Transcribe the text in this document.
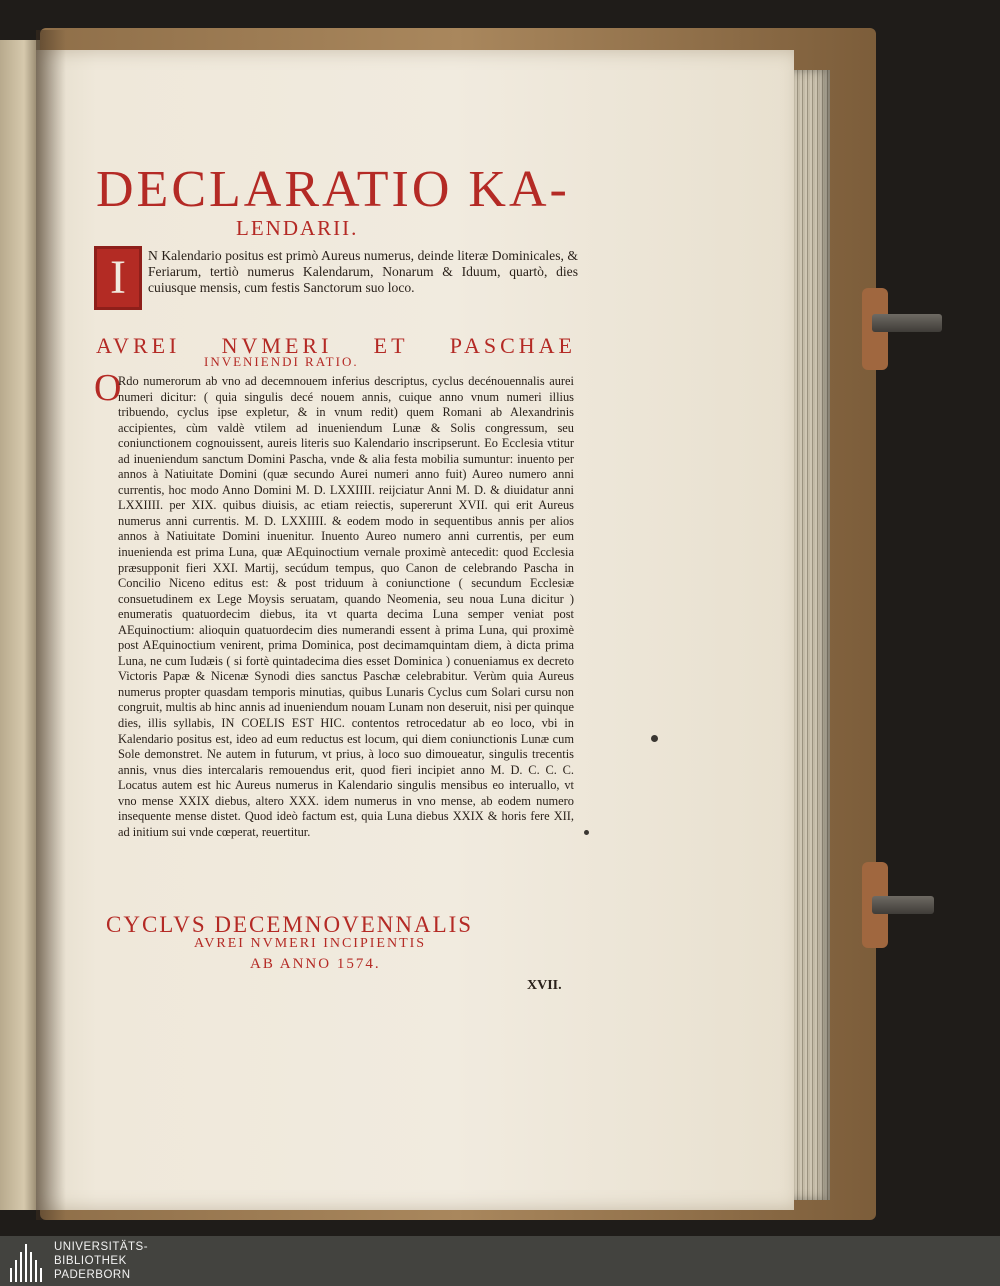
DECLARATIO KA-
LENDARII.
I	N Kalendario positus est primò Aureus numerus, deinde literæ Dominicales, & Feriarum, tertiò numerus Kalendarum, Nonarum & Iduum, quartò, dies cuiusque mensis, cum festis Sanctorum suo loco.
AVREI NVMERI ET PASCHAE
INVENIENDI RATIO.
O
Rdo numerorum ab vno ad decemnouem inferius descriptus, cyclus decénouennalis aurei numeri dicitur: ( quia singulis decé nouem annis, cuique anno vnum numeri illius tribuendo, cyclus ipse expletur, & in vnum redit) quem Romani ab Alexandrinis accipientes, cùm valdè vtilem ad inueniendum Lunæ & Solis congressum, seu coniunctionem cognouissent, aureis literis suo Kalendario inscripserunt. Eo Ecclesia vtitur ad inueniendum sanctum Domini Pascha, vnde & alia festa mobilia sumuntur: inuento per annos à Natiuitate Domini (quæ secundo Aurei numeri anno fuit) Aureo numero anni currentis, hoc modo Anno Domini M. D. LXXIIII. reijciatur Anni M. D. & diuidatur anni LXXIIII. per XIX. quibus diuisis, ac etiam reiectis, supererunt XVII. qui erit Aureus numerus anni currentis. M. D. LXXIIII. & eodem modo in sequentibus annis per alios annos à Natiuitate Domini inuenitur. Inuento Aureo numero anni currentis, per eum inuenienda est prima Luna, quæ AEquinoctium vernale proximè antecedit: quod Ecclesia præsupponit fieri XXI. Martij, secúdum tempus, quo Canon de celebrando Pascha in Concilio Niceno editus est: & post triduum à coniunctione ( secundum Ecclesiæ consuetudinem ex Lege Moysis seruatam, quando Neomenia, seu noua Luna dicitur ) enumeratis quatuordecim diebus, ita vt quarta decima Luna semper veniat post AEquinoctium: alioquin quatuordecim dies numerandi essent à prima Luna, qui proximè post AEquinoctium venirent, prima Dominica, post decimamquintam diem, à dicta prima Luna, ne cum Iudæis ( si fortè quintadecima dies esset Dominica ) conueniamus ex decreto Victoris Papæ & Nicenæ Synodi dies sanctus Paschæ celebrabitur. Verùm quia Aureus numerus propter quasdam temporis minutias, quibus Lunaris Cyclus cum Solari cursu non congruit, multis ab hinc annis ad inueniendum nouam Lunam non deseruit, nisi per quinque dies, illis syllabis, IN COELIS EST HIC. contentos retrocedatur ab eo loco, vbi in Kalendario positus est, ideo ad eum reductus est locum, qui diem coniunctionis Lunæ cum Sole demonstret. Ne autem in futurum, vt prius, à loco suo dimoueatur, singulis trecentis annis, vnus dies intercalaris remouendus erit, quod fieri incipiet anno M. D. C. C. C. Locatus autem est hic Aureus numerus in Kalendario singulis mensibus eo interuallo, vt vno mense XXIX diebus, altero XXX. idem numerus in vno mense, ab eodem numero insequente mense distet. Quod ideò factum est, quia Luna diebus XXIX & horis fere XII, ad initium sui vnde cœperat, reuertitur.
CYCLVS DECEMNOVENNALIS
AVREI NVMERI INCIPIENTIS
AB ANNO 1574.
XVII.
UNIVERSITÄTS-
BIBLIOTHEK
PADERBORN
